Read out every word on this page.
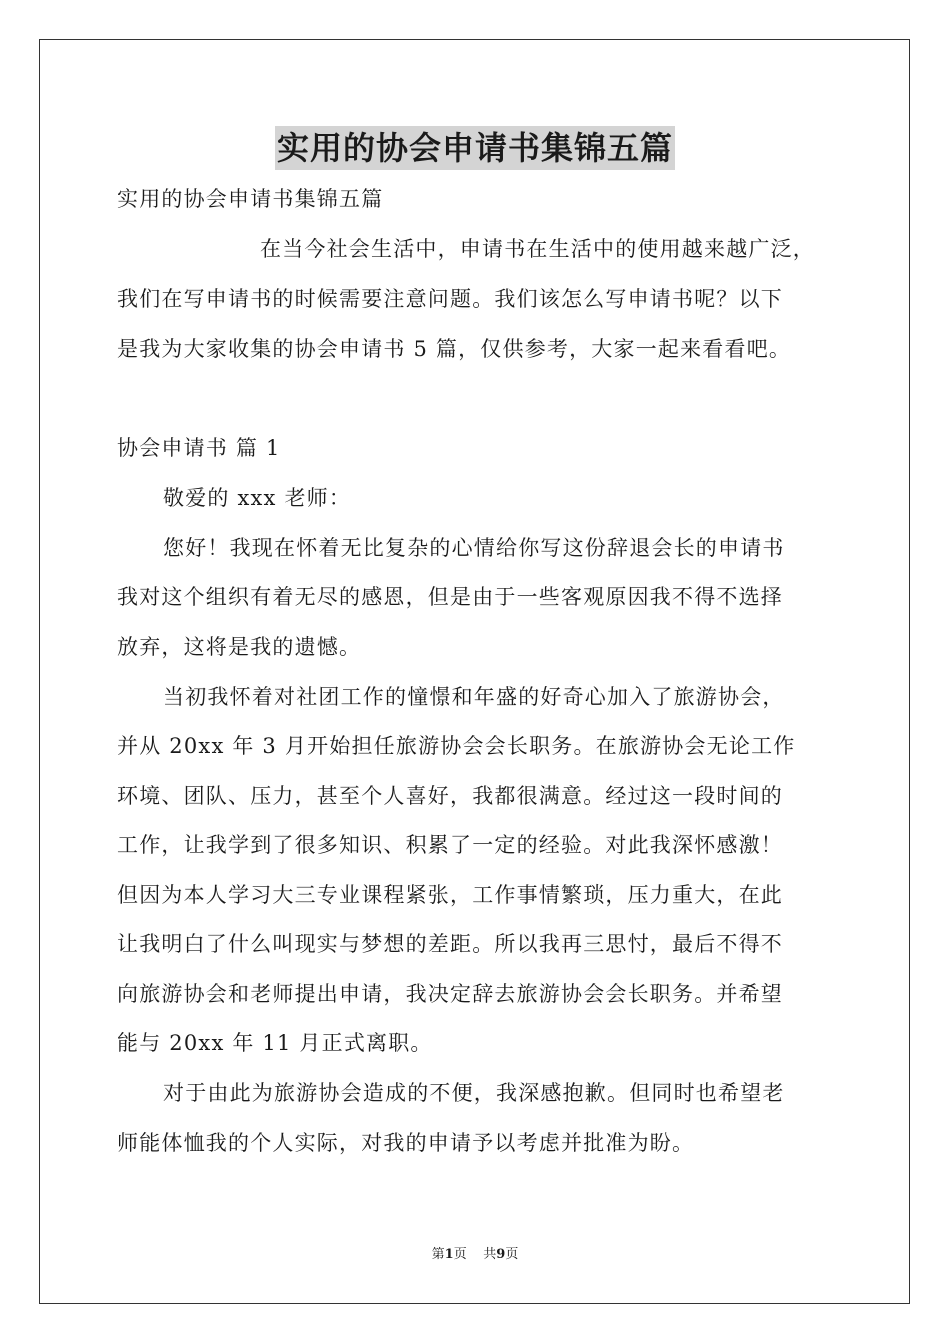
实用的协会申请书集锦五篇
实用的协会申请书集锦五篇
在当今社会生活中，申请书在生活中的使用越来越广泛，
我们在写申请书的时候需要注意问题。我们该怎么写申请书呢？以下
是我为大家收集的协会申请书 5 篇，仅供参考，大家一起来看看吧。
协会申请书 篇 1
敬爱的 xxx 老师：
您好！我现在怀着无比复杂的心情给你写这份辞退会长的申请书
我对这个组织有着无尽的感恩，但是由于一些客观原因我不得不选择
放弃，这将是我的遗憾。
当初我怀着对社团工作的憧憬和年盛的好奇心加入了旅游协会，
并从 20xx 年 3 月开始担任旅游协会会长职务。在旅游协会无论工作
环境、团队、压力，甚至个人喜好，我都很满意。经过这一段时间的
工作，让我学到了很多知识、积累了一定的经验。对此我深怀感激！
但因为本人学习大三专业课程紧张，工作事情繁琐，压力重大，在此
让我明白了什么叫现实与梦想的差距。所以我再三思忖，最后不得不
向旅游协会和老师提出申请，我决定辞去旅游协会会长职务。并希望
能与 20xx 年 11 月正式离职。
对于由此为旅游协会造成的不便，我深感抱歉。但同时也希望老
师能体恤我的个人实际，对我的申请予以考虑并批准为盼。
第1页 共9页
